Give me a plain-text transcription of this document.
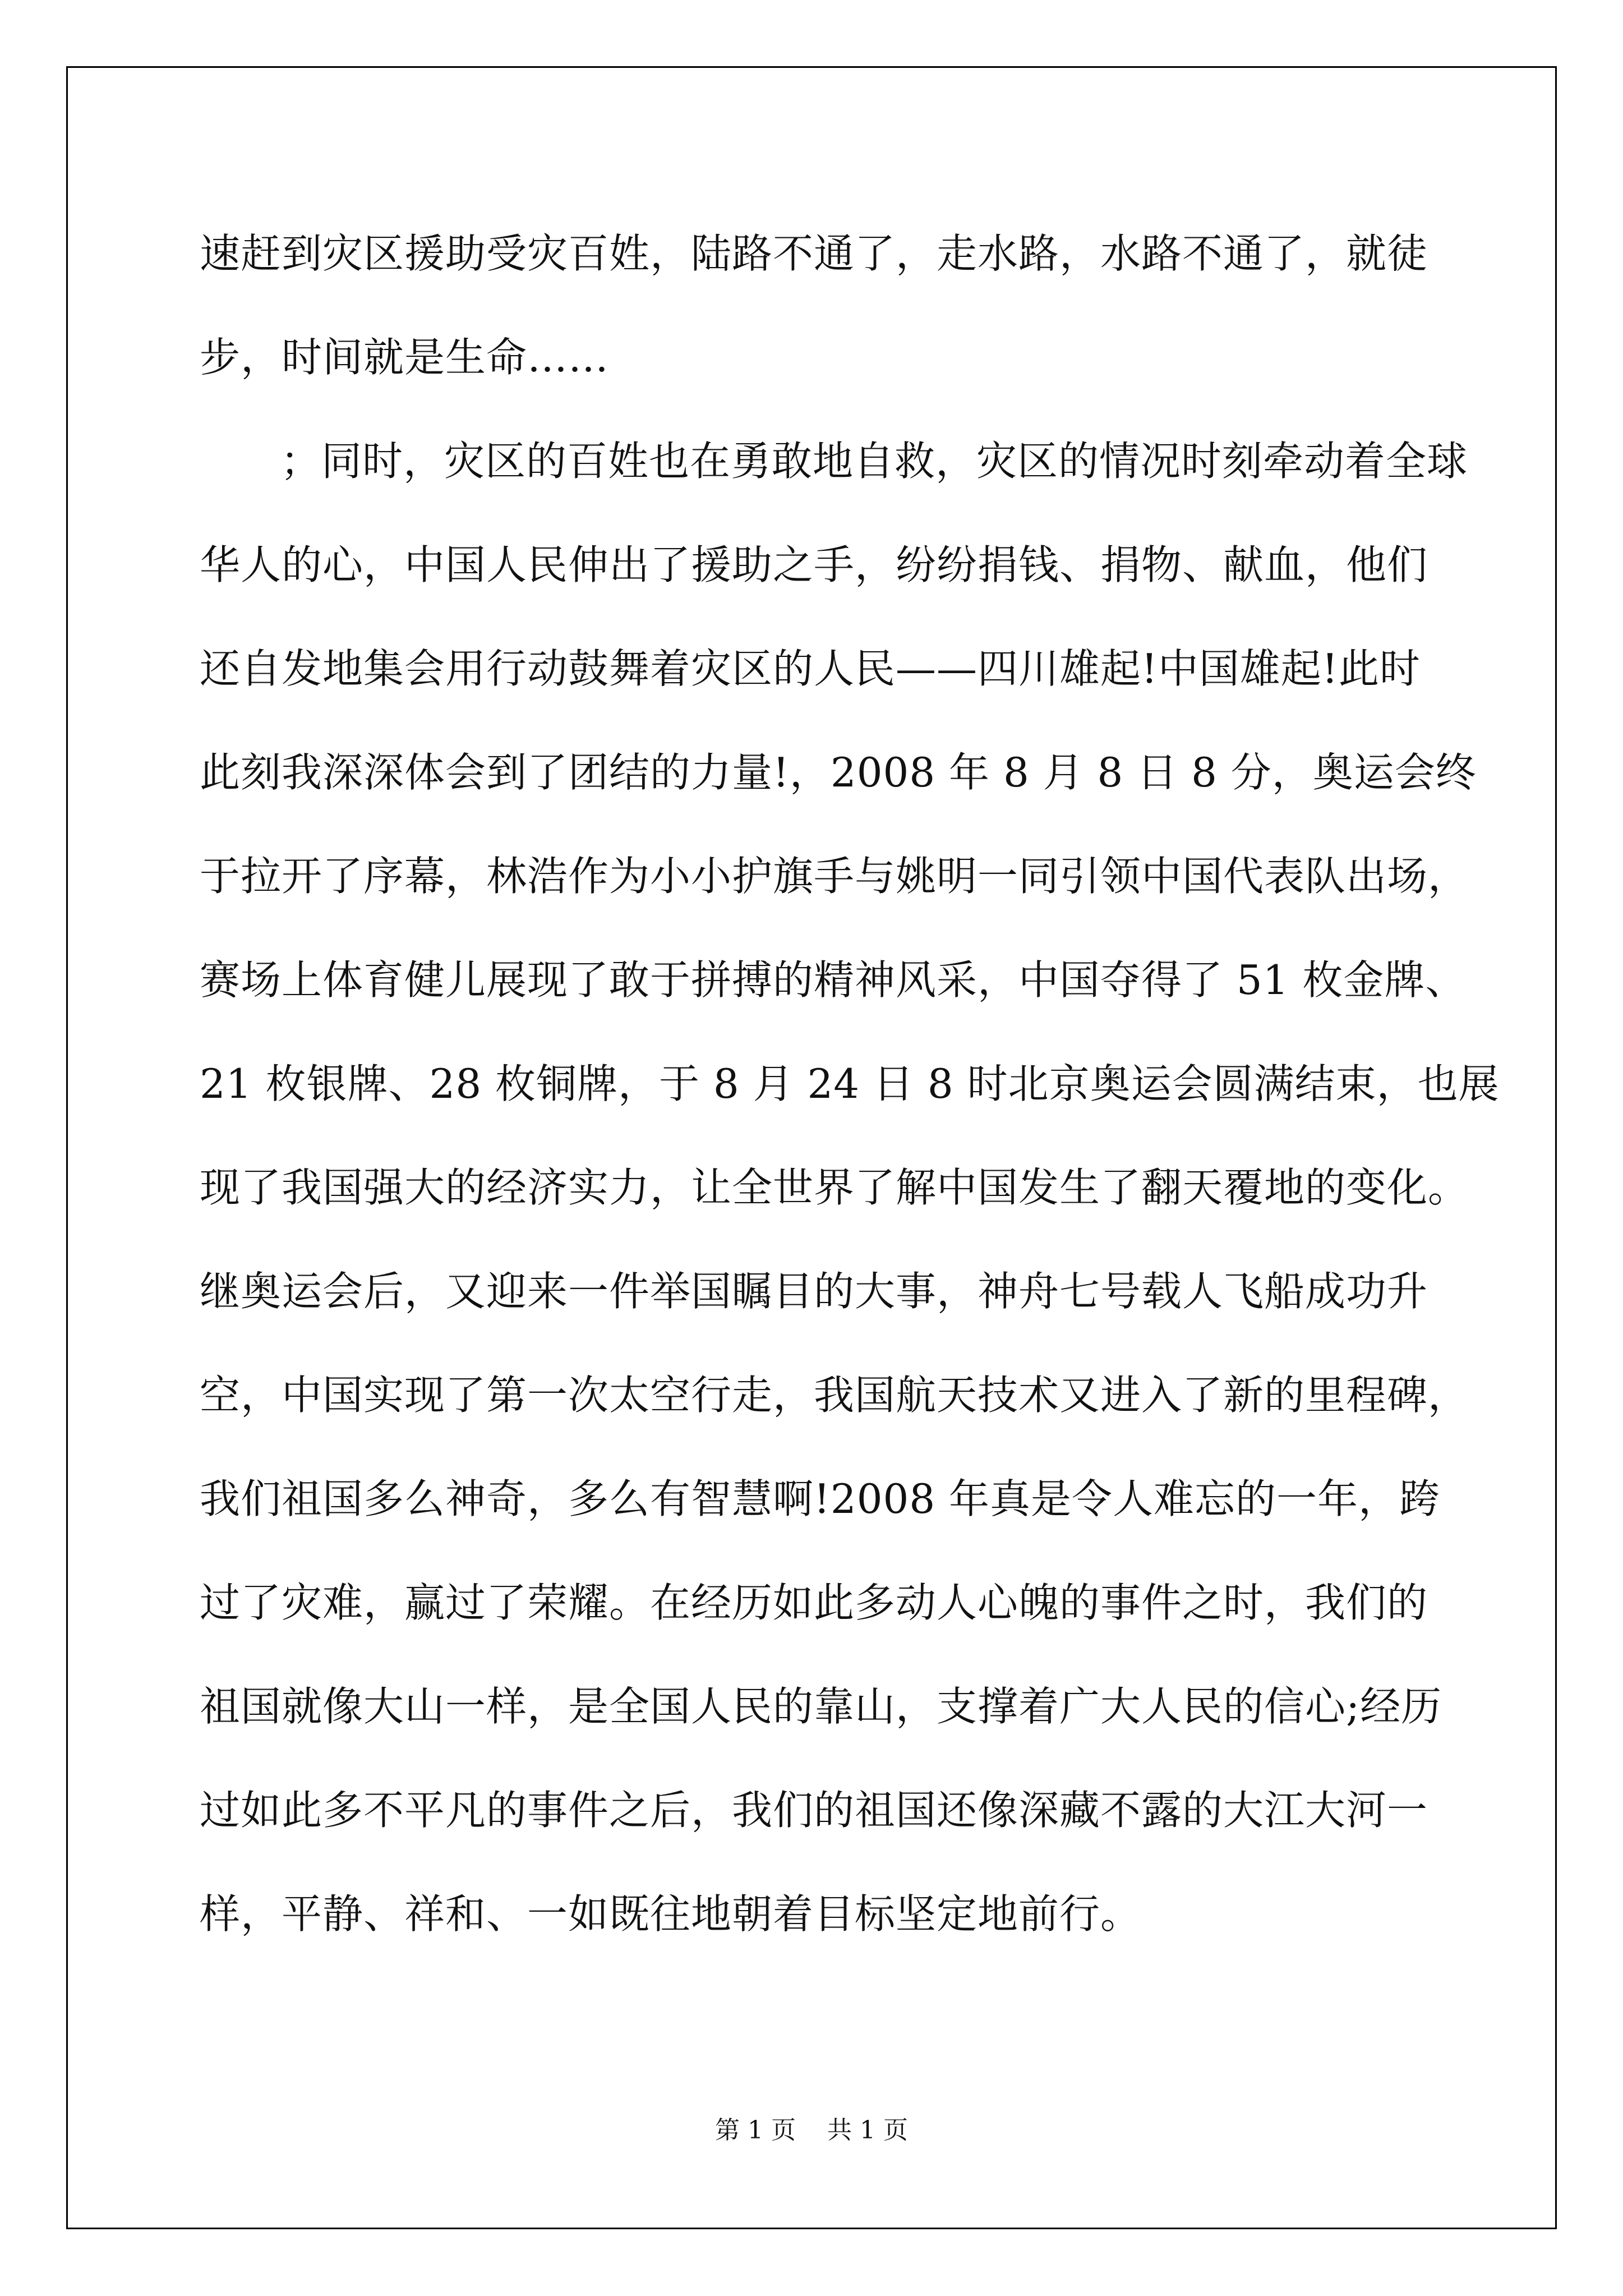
速赶到灾区援助受灾百姓，陆路不通了，走水路，水路不通了，就徒
步，时间就是生命……
；同时，灾区的百姓也在勇敢地自救，灾区的情况时刻牵动着全球
华人的心，中国人民伸出了援助之手，纷纷捐钱、捐物、献血，他们
还自发地集会用行动鼓舞着灾区的人民——四川雄起!中国雄起!此时
此刻我深深体会到了团结的力量!，2008 年 8 月 8 日 8 分，奥运会终
于拉开了序幕，林浩作为小小护旗手与姚明一同引领中国代表队出场，
赛场上体育健儿展现了敢于拼搏的精神风采，中国夺得了 51 枚金牌、
21 枚银牌、28 枚铜牌，于 8 月 24 日 8 时北京奥运会圆满结束，也展
现了我国强大的经济实力，让全世界了解中国发生了翻天覆地的变化。
继奥运会后，又迎来一件举国瞩目的大事，神舟七号载人飞船成功升
空，中国实现了第一次太空行走，我国航天技术又进入了新的里程碑，
我们祖国多么神奇，多么有智慧啊!2008 年真是令人难忘的一年，跨
过了灾难，赢过了荣耀。在经历如此多动人心魄的事件之时，我们的
祖国就像大山一样，是全国人民的靠山，支撑着广大人民的信心;经历
过如此多不平凡的事件之后，我们的祖国还像深藏不露的大江大河一
样，平静、祥和、一如既往地朝着目标坚定地前行。
第 1 页 共 1 页
